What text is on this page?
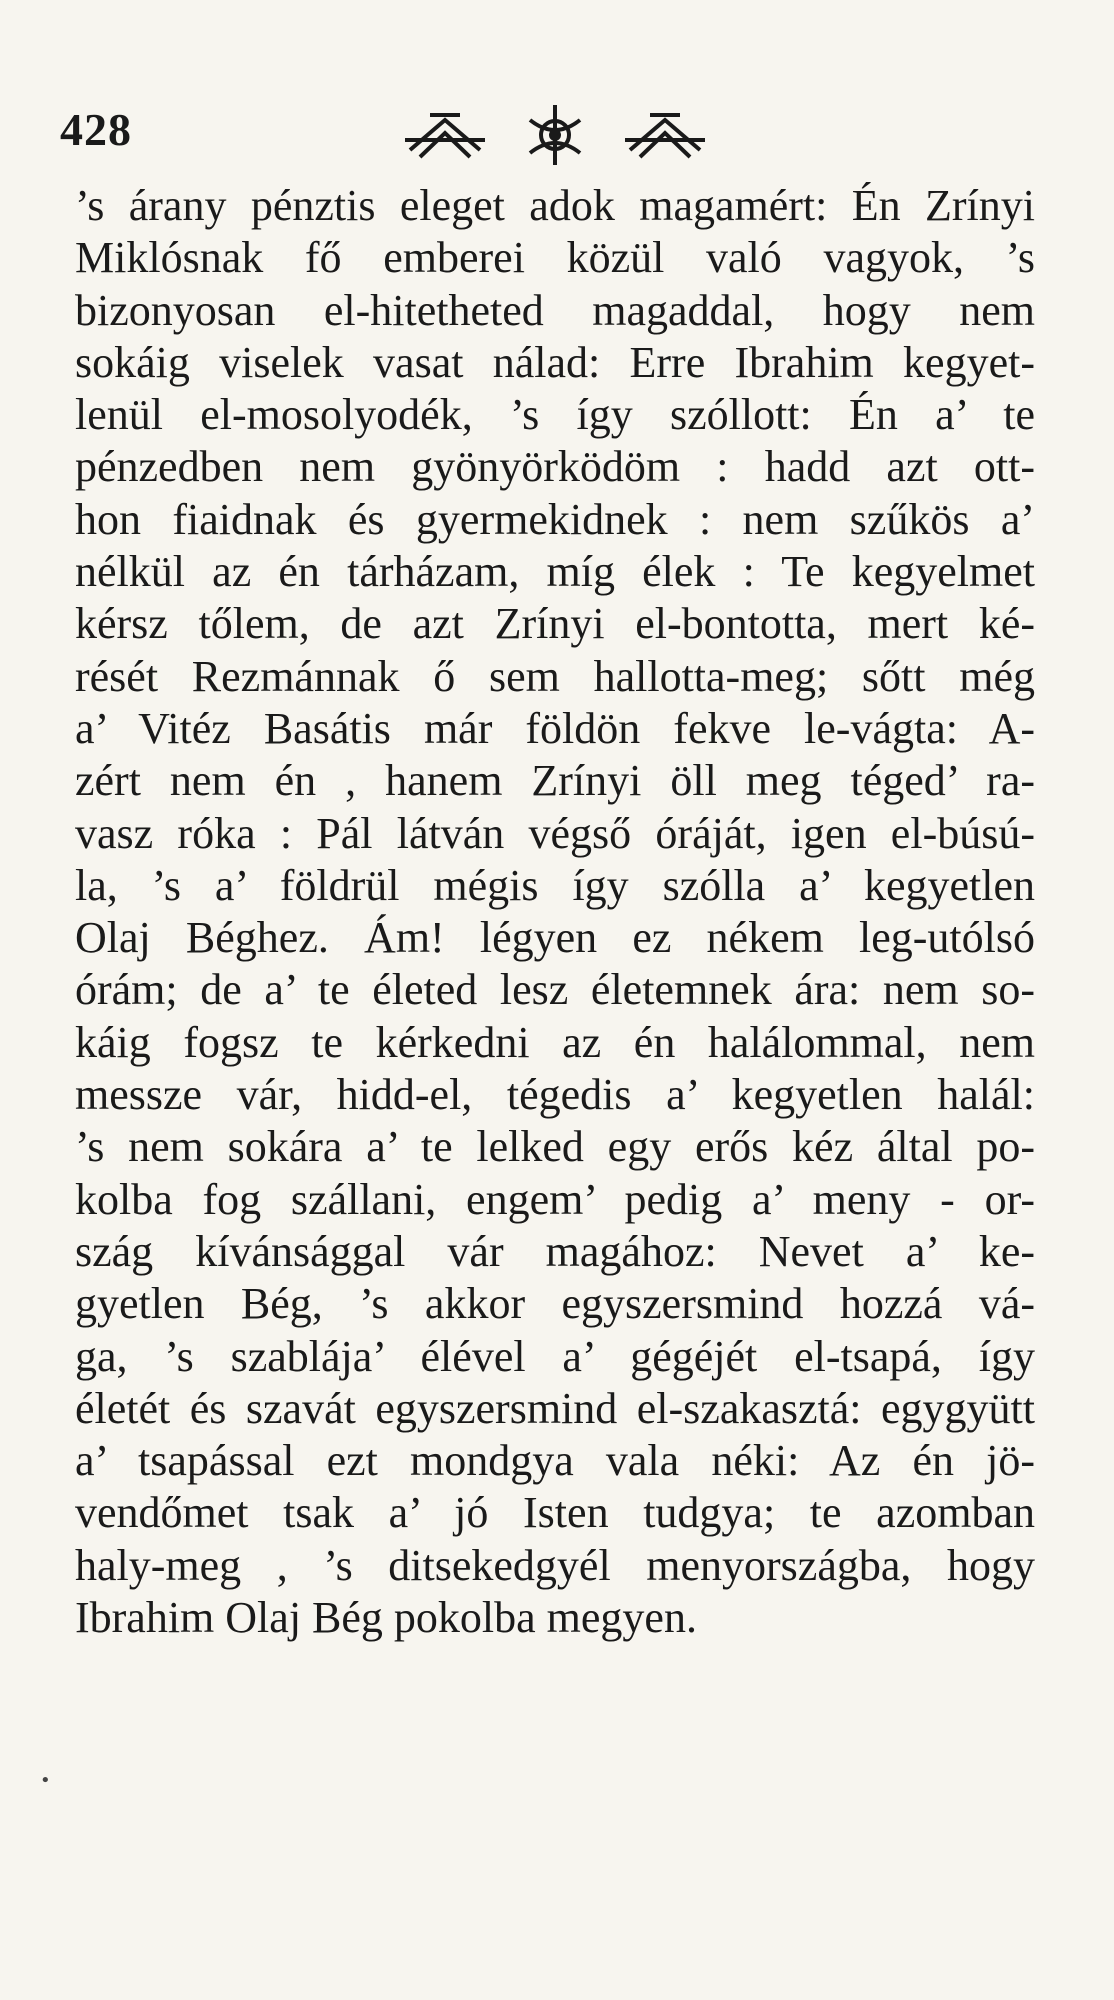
428
’s árany pénztis eleget adok magamért: Én Zrínyi
Miklósnak fő emberei közül való vagyok, ’s
bizonyosan el-hitetheted magaddal, hogy nem
sokáig viselek vasat nálad: Erre Ibrahim kegyet-
lenül el-mosolyodék, ’s így szóllott: Én a’ te
pénzedben nem gyönyörködöm : hadd azt ott-
hon fiaidnak és gyermekidnek : nem szűkös a’
nélkül az én tárházam, míg élek : Te kegyelmet
kérsz tőlem, de azt Zrínyi el-bontotta, mert ké-
rését Rezmánnak ő sem hallotta-meg; sőtt még
a’ Vitéz Basátis már földön fekve le-vágta: A-
zért nem én , hanem Zrínyi öll meg téged’ ra-
vasz róka : Pál látván végső óráját, igen el-búsú-
la, ’s a’ földrül mégis így szólla a’ kegyetlen
Olaj Béghez. Ám! légyen ez nékem leg-utólsó
órám; de a’ te életed lesz életemnek ára: nem so-
káig fogsz te kérkedni az én halálommal, nem
messze vár, hidd-el, tégedis a’ kegyetlen halál:
’s nem sokára a’ te lelked egy erős kéz által po-
kolba fog szállani, engem’ pedig a’ meny - or-
szág kívánsággal vár magához: Nevet a’ ke-
gyetlen Bég, ’s akkor egyszersmind hozzá vá-
ga, ’s szablája’ élével a’ gégéjét el-tsapá, így
életét és szavát egyszersmind el-szakasztá: egygyütt
a’ tsapással ezt mondgya vala néki: Az én jö-
vendőmet tsak a’ jó Isten tudgya; te azomban
haly-meg , ’s ditsekedgyél menyországba, hogy
Ibrahim Olaj Bég pokolba megyen.
•
